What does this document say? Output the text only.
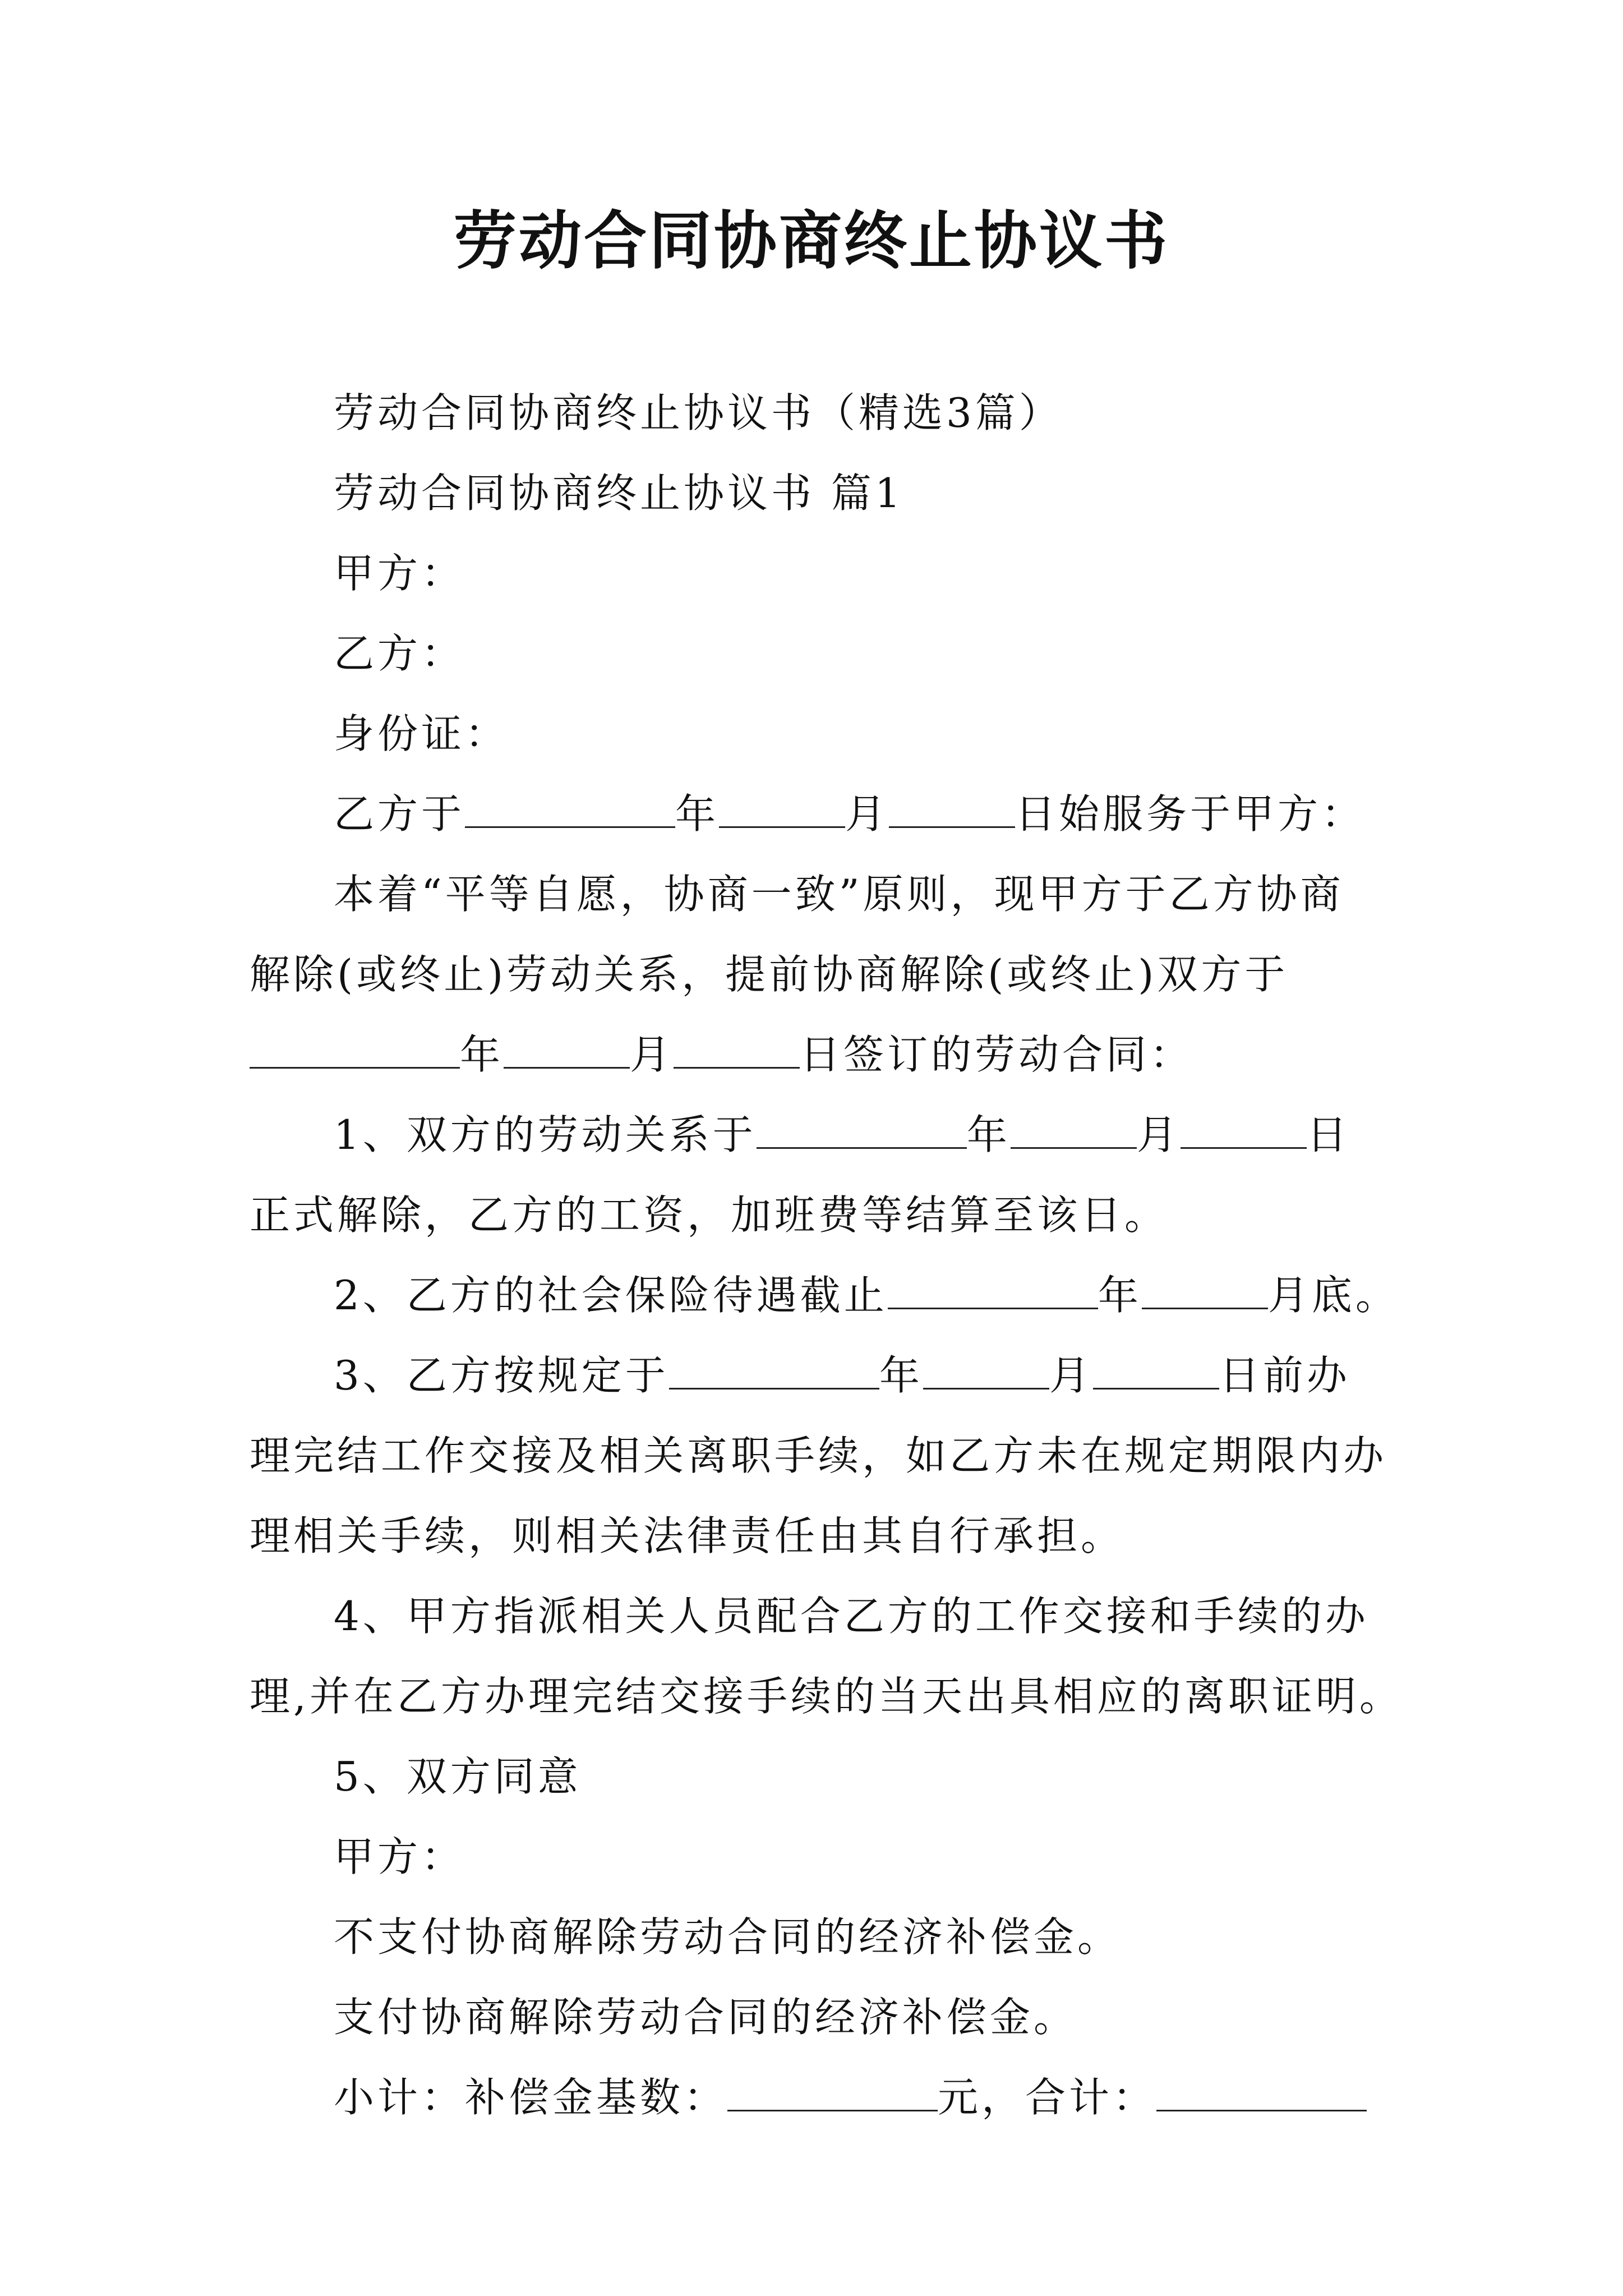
劳动合同协商终止协议书
劳动合同协商终止协议书（精选3篇）
劳动合同协商终止协议书 篇1
甲方：
乙方：
身份证：
乙方于	年	月	日始服务于甲方：
本着“平等自愿，协商一致”原则，现甲方于乙方协商
解除(或终止)劳动关系，提前协商解除(或终止)双方于
年	月	日签订的劳动合同：
1、双方的劳动关系于	年	月	日
正式解除，乙方的工资，加班费等结算至该日。
2、乙方的社会保险待遇截止	年	月底。
3、乙方按规定于	年	月	日前办
理完结工作交接及相关离职手续，如乙方未在规定期限内办
理相关手续，则相关法律责任由其自行承担。
4、甲方指派相关人员配合乙方的工作交接和手续的办
理,并在乙方办理完结交接手续的当天出具相应的离职证明。
5、双方同意
甲方：
不支付协商解除劳动合同的经济补偿金。
支付协商解除劳动合同的经济补偿金。
小计：补偿金基数：	元，合计：
